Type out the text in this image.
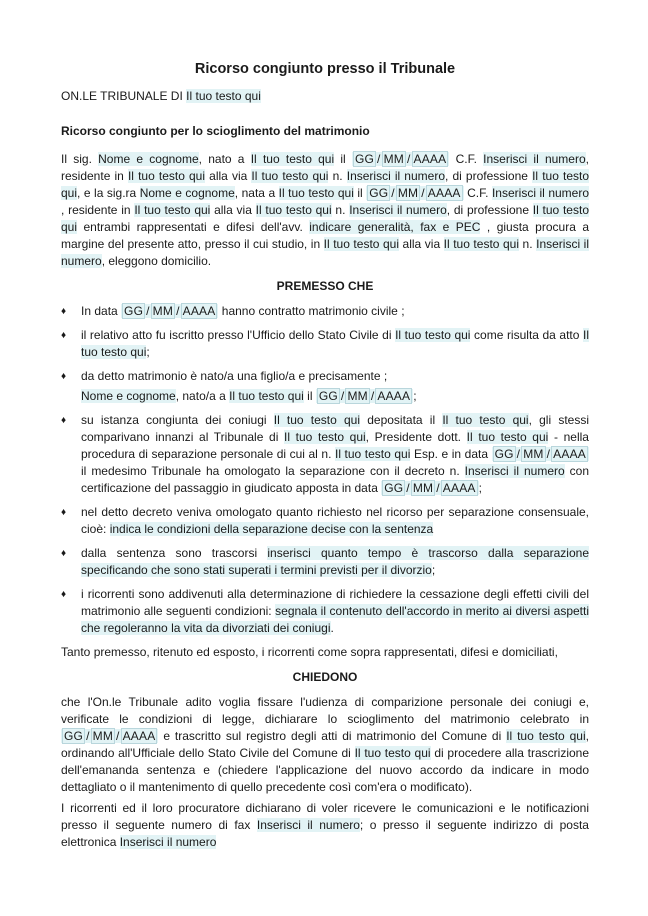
Ricorso congiunto presso il Tribunale

ON.LE TRIBUNALE DI Il tuo testo qui

Ricorso congiunto per lo scioglimento del matrimonio

Il sig. Nome e cognome, nato a Il tuo testo qui il GG / MM / AAAA C.F. Inserisci il numero, residente in Il tuo testo qui alla via Il tuo testo qui n. Inserisci il numero, di professione Il tuo testo qui, e la sig.ra Nome e cognome, nata a Il tuo testo qui il GG / MM / AAAA C.F. Inserisci il numero , residente in Il tuo testo qui alla via Il tuo testo qui n. Inserisci il numero, di professione Il tuo testo qui entrambi rappresentati e difesi dell'avv. indicare generalità, fax e PEC , giusta procura a margine del presente atto, presso il cui studio, in Il tuo testo qui alla via Il tuo testo qui n. Inserisci il numero, eleggono domicilio.

PREMESSO CHE

♦ In data GG / MM / AAAA hanno contratto matrimonio civile ;
♦ il relativo atto fu iscritto presso l'Ufficio dello Stato Civile di Il tuo testo qui come risulta da atto Il tuo testo qui;
♦ da detto matrimonio è nato/a una figlio/a e precisamente ;
Nome e cognome, nato/a a Il tuo testo qui il GG / MM / AAAA ;
♦ su istanza congiunta dei coniugi Il tuo testo qui depositata il Il tuo testo qui, gli stessi comparivano innanzi al Tribunale di Il tuo testo qui, Presidente dott. Il tuo testo qui - nella procedura di separazione personale di cui al n. Il tuo testo qui Esp. e in data GG / MM / AAAA il medesimo Tribunale ha omologato la separazione con il decreto n. Inserisci il numero con certificazione del passaggio in giudicato apposta in data GG / MM / AAAA ;
♦ nel detto decreto veniva omologato quanto richiesto nel ricorso per separazione consensuale, cioè: indica le condizioni della separazione decise con la sentenza
♦ dalla sentenza sono trascorsi inserisci quanto tempo è trascorso dalla separazione specificando che sono stati superati i termini previsti per il divorzio;
♦ i ricorrenti sono addivenuti alla determinazione di richiedere la cessazione degli effetti civili del matrimonio alle seguenti condizioni: segnala il contenuto dell'accordo in merito ai diversi aspetti che regoleranno la vita da divorziati dei coniugi.

Tanto premesso, ritenuto ed esposto, i ricorrenti come sopra rappresentati, difesi e domiciliati,

CHIEDONO

che l'On.le Tribunale adito voglia fissare l'udienza di comparizione personale dei coniugi e, verificate le condizioni di legge, dichiarare lo scioglimento del matrimonio celebrato in GG / MM / AAAA e trascritto sul registro degli atti di matrimonio del Comune di Il tuo testo qui, ordinando all'Ufficiale dello Stato Civile del Comune di Il tuo testo qui di procedere alla trascrizione dell'emananda sentenza e (chiedere l'applicazione del nuovo accordo da indicare in modo dettagliato o il mantenimento di quello precedente così com'era o modificato).

I ricorrenti ed il loro procuratore dichiarano di voler ricevere le comunicazioni e le notificazioni presso il seguente numero di fax Inserisci il numero; o presso il seguente indirizzo di posta elettronica Inserisci il numero
